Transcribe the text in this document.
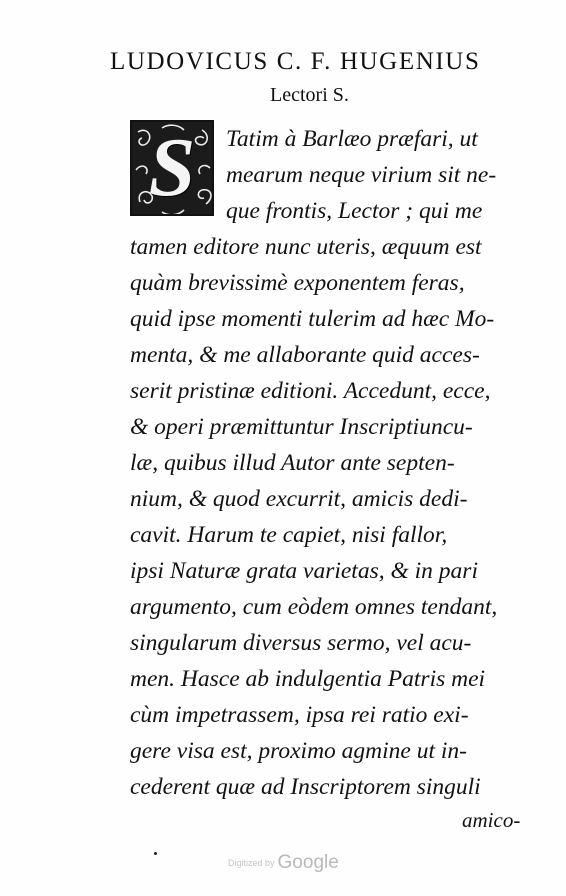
LUDOVICUS C. F. HUGENIUS
Lectori S.
S	Tatim à Barlæo præfari, ut
mearum neque virium sit ne-
que frontis, Lector ; qui me
tamen editore nunc uteris, æquum est
quàm brevissimè exponentem feras,
quid ipse momenti tulerim ad hæc Mo-
menta, & me allaborante quid acces-
serit pristinæ editioni. Accedunt, ecce,
& operi præmittuntur Inscriptiuncu-
læ, quibus illud Autor ante septen-
nium, & quod excurrit, amicis dedi-
cavit. Harum te capiet, nisi fallor,
ipsi Naturæ grata varietas, & in pari
argumento, cum eòdem omnes tendant,
singularum diversus sermo, vel acu-
men. Hasce ab indulgentia Patris mei
cùm impetrassem, ipsa rei ratio exi-
gere visa est, proximo agmine ut in-
cederent quæ ad Inscriptorem singuli
amico-
Digitized by Google
